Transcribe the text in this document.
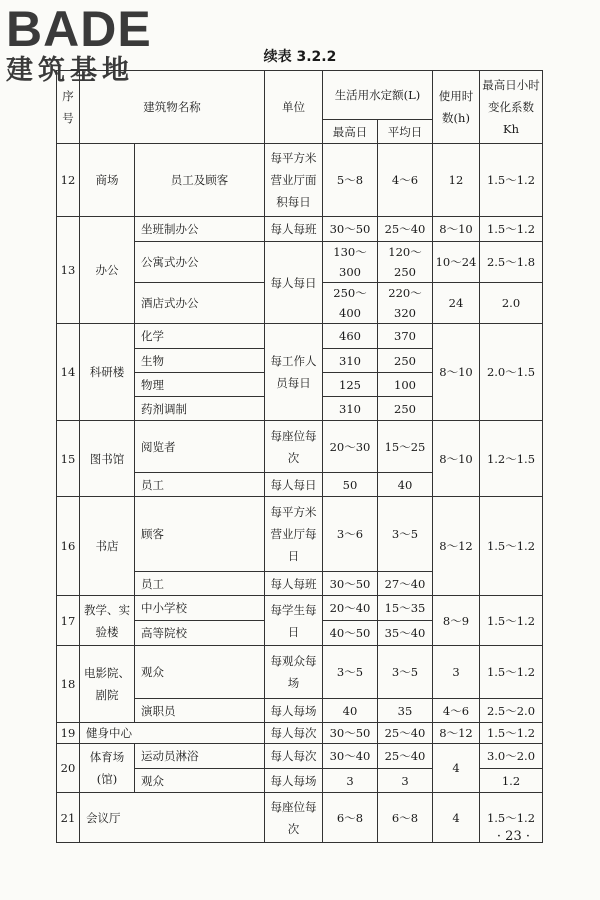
BADE
建筑基地	续表 3.2.2
序号	建筑物名称		单位	生活用水定额(L)		使用时数(h)	最高日小时变化系数 Kh
				最高日	平均日		
12	商场	员工及顾客	每平方米营业厅面积每日	5～8	4～6	12	1.5～1.2
13	办公	坐班制办公	每人每班	30～50	25～40	8～10	1.5～1.2
		公寓式办公	每人每日	130～300	120～250	10～24	2.5～1.8
		酒店式办公		250～400	220～320	24	2.0
14	科研楼	化学	每工作人员每日	460	370	8～10	2.0～1.5
		生物		310	250		
		物理		125	100		
		药剂调制		310	250		
15	图书馆	阅览者	每座位每次	20～30	15～25	8～10	1.2～1.5
		员工	每人每日	50	40		
16	书店	顾客	每平方米营业厅每日	3～6	3～5	8～12	1.5～1.2
		员工	每人每班	30～50	27～40		
17	教学、实验楼	中小学校	每学生每日	20～40	15～35	8～9	1.5～1.2
		高等院校		40～50	35～40		
18	电影院、剧院	观众	每观众每场	3～5	3～5	3	1.5～1.2
		演职员	每人每场	40	35	4～6	2.5～2.0
19	健身中心		每人每次	30～50	25～40	8～12	1.5～1.2
20	体育场(馆)	运动员淋浴	每人每次	30～40	25～40	4	3.0～2.0
		观众	每人每场	3	3		1.2
21	会议厅		每座位每次	6～8	6～8	4	1.5～1.2
· 23 ·
